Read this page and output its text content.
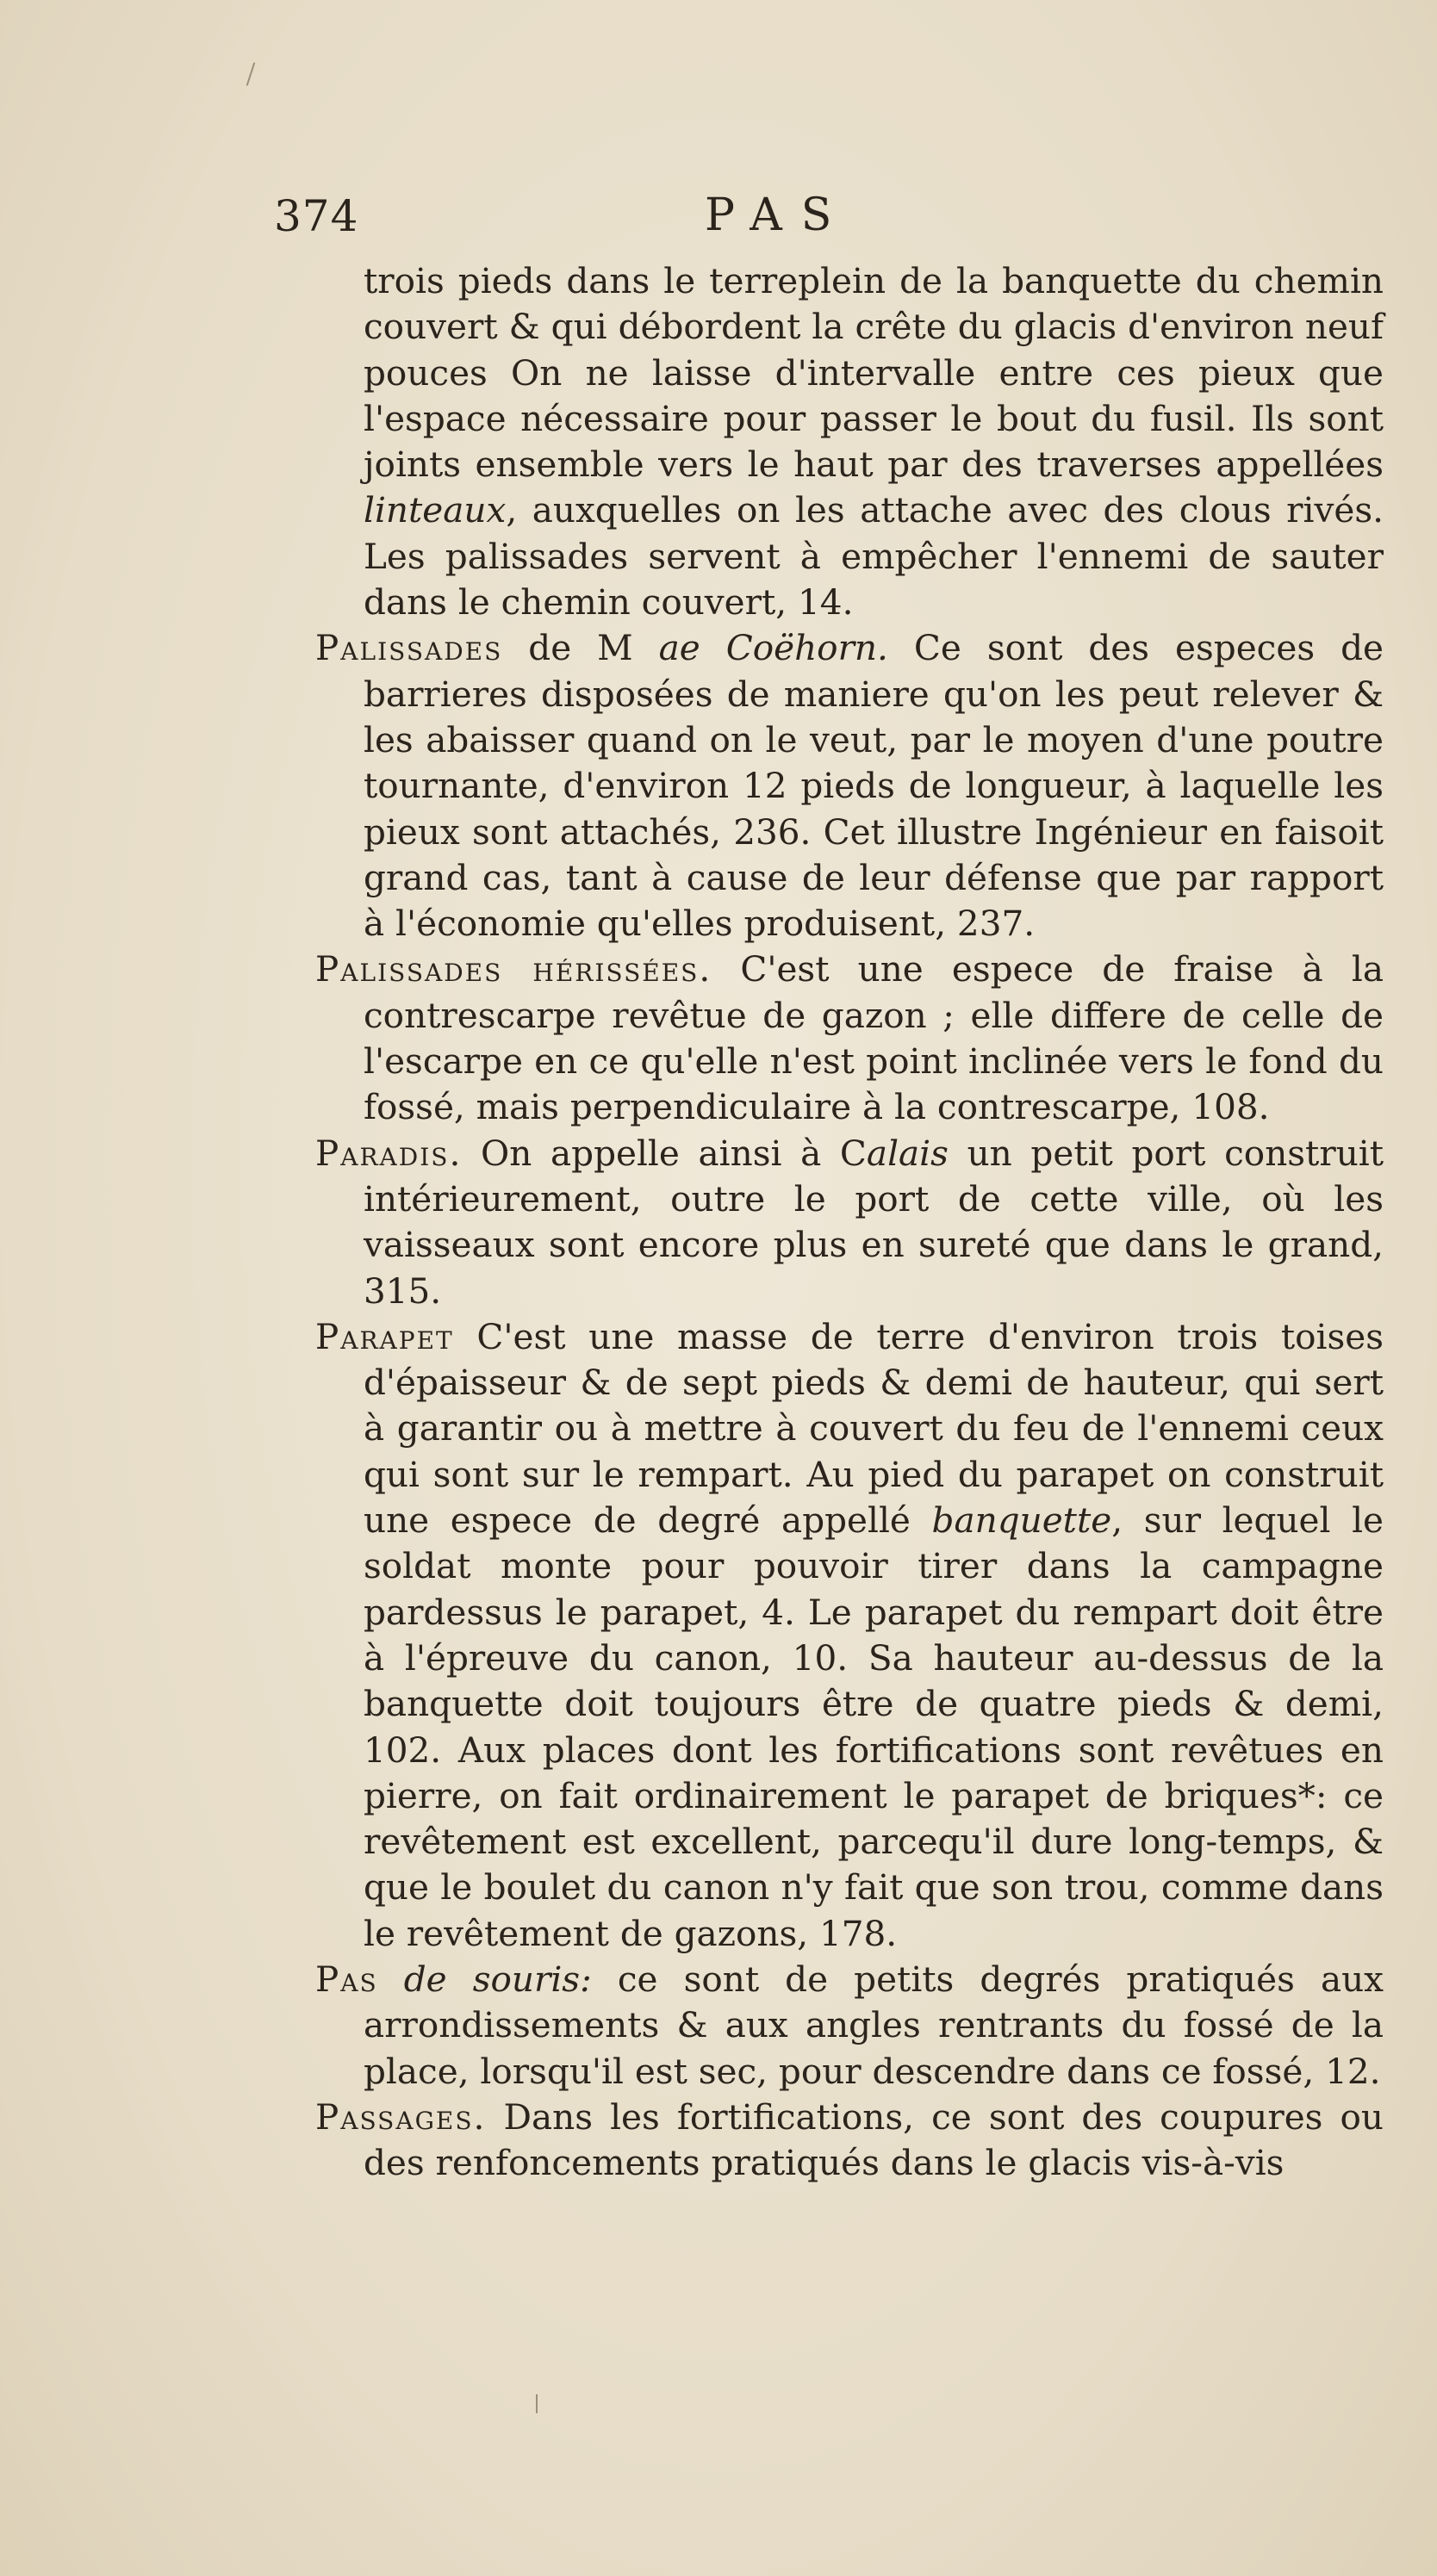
374	PAS

trois pieds dans le terreplein de la banquette du chemin couvert & qui débordent la crête du glacis d'environ neuf pouces On ne laisse d'intervalle entre ces pieux que l'espace nécessaire pour passer le bout du fusil. Ils sont joints ensemble vers le haut par des traverses appellées linteaux, auxquelles on les attache avec des clous rivés. Les palissades servent à empêcher l'ennemi de sauter dans le chemin couvert, 14.

Palissades de M ae Coëhorn. Ce sont des especes de barrieres disposées de maniere qu'on les peut relever & les abaisser quand on le veut, par le moyen d'une poutre tournante, d'environ 12 pieds de longueur, à laquelle les pieux sont attachés, 236. Cet illustre Ingénieur en faisoit grand cas, tant à cause de leur défense que par rapport à l'économie qu'elles produisent, 237.

Palissades hérissées. C'est une espece de fraise à la contrescarpe revêtue de gazon ; elle differe de celle de l'escarpe en ce qu'elle n'est point inclinée vers le fond du fossé, mais perpendiculaire à la contrescarpe, 108.

Paradis. On appelle ainsi à Calais un petit port construit intérieurement, outre le port de cette ville, où les vaisseaux sont encore plus en sureté que dans le grand, 315.

Parapet C'est une masse de terre d'environ trois toises d'épaisseur & de sept pieds & demi de hauteur, qui sert à garantir ou à mettre à couvert du feu de l'ennemi ceux qui sont sur le rempart. Au pied du parapet on construit une espece de degré appellé banquette, sur lequel le soldat monte pour pouvoir tirer dans la campagne pardessus le parapet, 4. Le parapet du rempart doit être à l'épreuve du canon, 10. Sa hauteur au-dessus de la banquette doit toujours être de quatre pieds & demi, 102. Aux places dont les fortifications sont revêtues en pierre, on fait ordinairement le parapet de briques*: ce revêtement est excellent, parcequ'il dure long-temps, & que le boulet du canon n'y fait que son trou, comme dans le revêtement de gazons, 178.

Pas de souris: ce sont de petits degrés pratiqués aux arrondissements & aux angles rentrants du fossé de la place, lorsqu'il est sec, pour descendre dans ce fossé, 12.

Passages. Dans les fortifications, ce sont des coupures ou des renfoncements pratiqués dans le glacis vis-à-vis
